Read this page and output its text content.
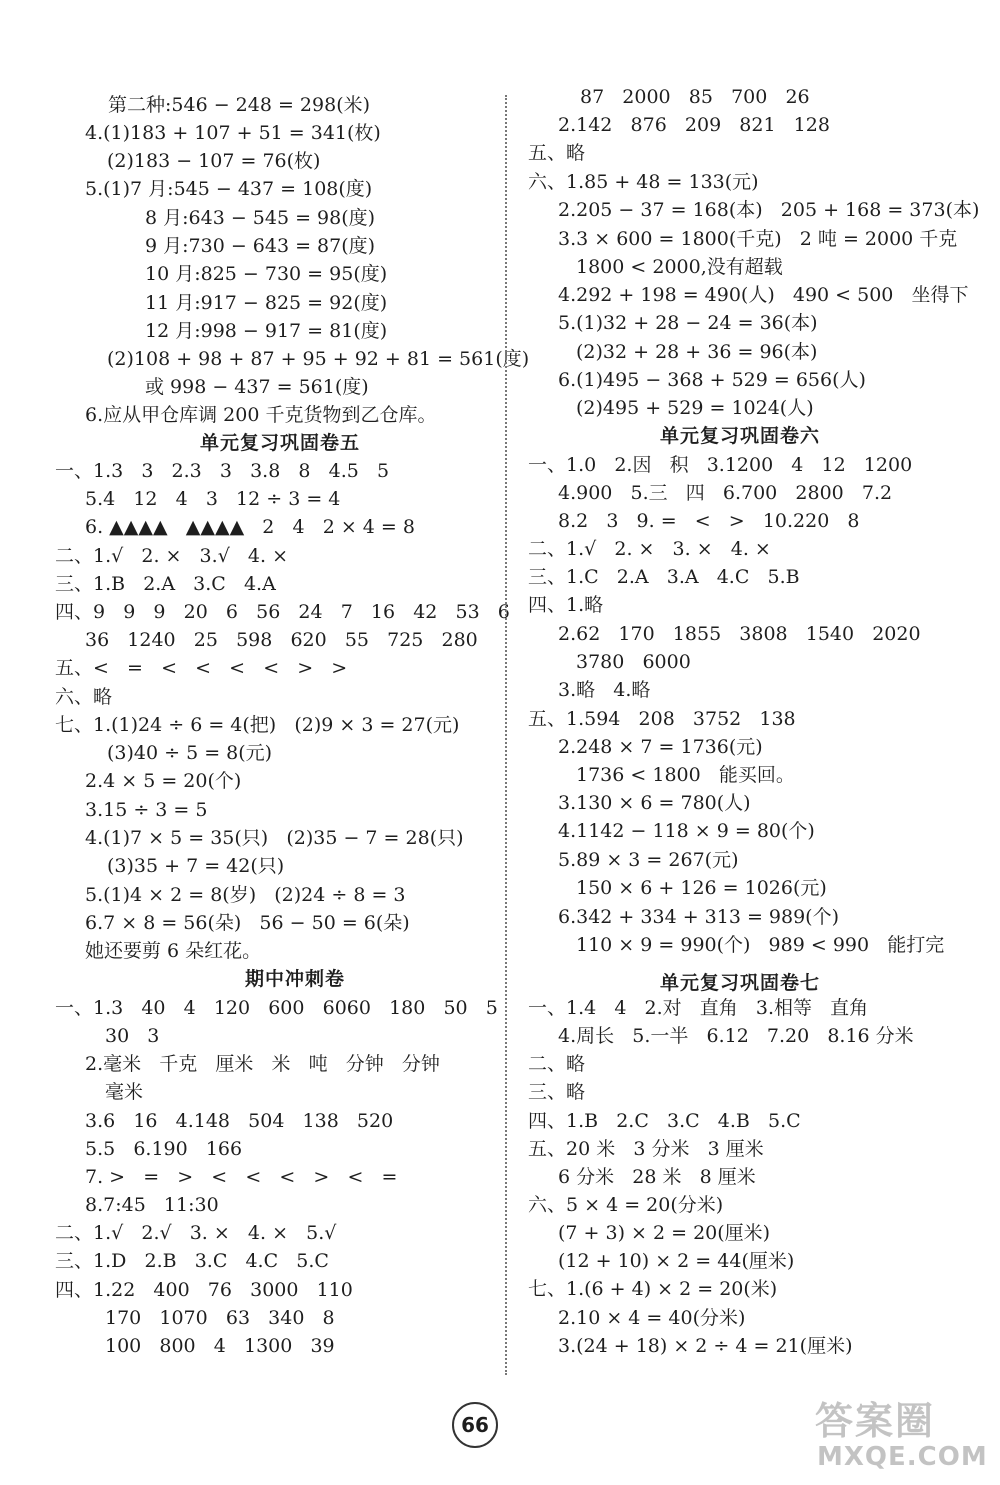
第二种:546 − 248 = 298(米)
4.(1)183 + 107 + 51 = 341(枚)
(2)183 − 107 = 76(枚)
5.(1)7 月:545 − 437 = 108(度)
8 月:643 − 545 = 98(度)
9 月:730 − 643 = 87(度)
10 月:825 − 730 = 95(度)
11 月:917 − 825 = 92(度)
12 月:998 − 917 = 81(度)
(2)108 + 98 + 87 + 95 + 92 + 81 = 561(度)
或 998 − 437 = 561(度)
6.应从甲仓库调 200 千克货物到乙仓库。
单元复习巩固卷五
一、1.3   3   2.3   3   3.8   8   4.5   5
5.4   12   4   3   12 ÷ 3 = 4
6. ▲▲▲▲   ▲▲▲▲   2   4   2 × 4 = 8
二、1.√   2. ×   3.√   4. ×
三、1.B   2.A   3.C   4.A
四、9   9   9   20   6   56   24   7   16   42   53   6
36   1240   25   598   620   55   725   280
五、<   =   <   <   <   <   >   >
六、略
七、1.(1)24 ÷ 6 = 4(把)   (2)9 × 3 = 27(元)
(3)40 ÷ 5 = 8(元)
2.4 × 5 = 20(个)
3.15 ÷ 3 = 5
4.(1)7 × 5 = 35(只)   (2)35 − 7 = 28(只)
(3)35 + 7 = 42(只)
5.(1)4 × 2 = 8(岁)   (2)24 ÷ 8 = 3
6.7 × 8 = 56(朵)   56 − 50 = 6(朵)
她还要剪 6 朵红花。
期中冲刺卷
一、1.3   40   4   120   600   6060   180   50   5
30   3
2.毫米   千克   厘米   米   吨   分钟   分钟
毫米
3.6   16   4.148   504   138   520
5.5   6.190   166
7. >   =   >   <   <   <   >   <   =
8.7:45   11:30
二、1.√   2.√   3. ×   4. ×   5.√
三、1.D   2.B   3.C   4.C   5.C
四、1.22   400   76   3000   110
170   1070   63   340   8
100   800   4   1300   39
87   2000   85   700   26
2.142   876   209   821   128
五、略
六、1.85 + 48 = 133(元)
2.205 − 37 = 168(本)   205 + 168 = 373(本)
3.3 × 600 = 1800(千克)   2 吨 = 2000 千克
1800 < 2000,没有超载
4.292 + 198 = 490(人)   490 < 500   坐得下
5.(1)32 + 28 − 24 = 36(本)
(2)32 + 28 + 36 = 96(本)
6.(1)495 − 368 + 529 = 656(人)
(2)495 + 529 = 1024(人)
单元复习巩固卷六
一、1.0   2.因   积   3.1200   4   12   1200
4.900   5.三   四   6.700   2800   7.2
8.2   3   9. =   <   >   10.220   8
二、1.√   2. ×   3. ×   4. ×
三、1.C   2.A   3.A   4.C   5.B
四、1.略
2.62   170   1855   3808   1540   2020
3780   6000
3.略   4.略
五、1.594   208   3752   138
2.248 × 7 = 1736(元)
1736 < 1800   能买回。
3.130 × 6 = 780(人)
4.1142 − 118 × 9 = 80(个)
5.89 × 3 = 267(元)
150 × 6 + 126 = 1026(元)
6.342 + 334 + 313 = 989(个)
110 × 9 = 990(个)   989 < 990   能打完
单元复习巩固卷七
一、1.4   4   2.对   直角   3.相等   直角
4.周长   5.一半   6.12   7.20   8.16 分米
二、略
三、略
四、1.B   2.C   3.C   4.B   5.C
五、20 米   3 分米   3 厘米
6 分米   28 米   8 厘米
六、5 × 4 = 20(分米)
(7 + 3) × 2 = 20(厘米)
(12 + 10) × 2 = 44(厘米)
七、1.(6 + 4) × 2 = 20(米)
2.10 × 4 = 40(分米)
3.(24 + 18) × 2 ÷ 4 = 21(厘米)
66	答案圈
MXQE.COM
